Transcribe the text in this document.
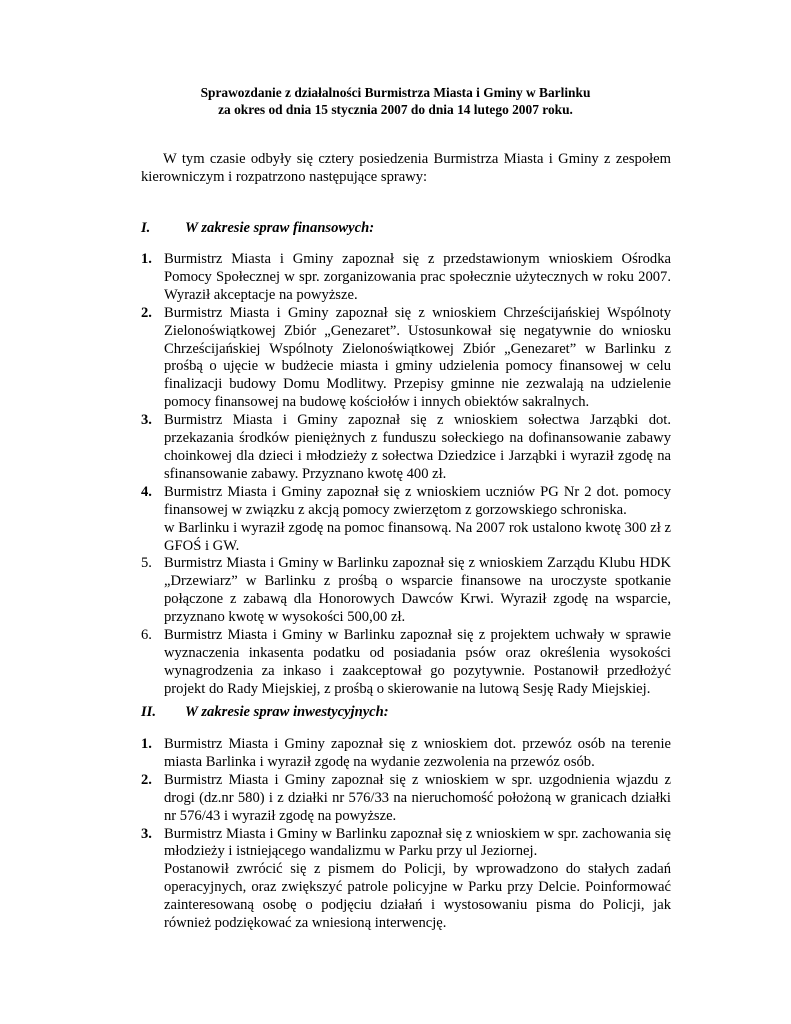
Sprawozdanie z działalności Burmistrza Miasta i Gminy w Barlinku
za okres od dnia 15 stycznia 2007 do dnia 14 lutego 2007 roku.
W tym czasie odbyły się cztery posiedzenia Burmistrza Miasta i Gminy z zespołem kierowniczym i rozpatrzono następujące sprawy:
I. W zakresie spraw finansowych:
1. Burmistrz Miasta i Gminy zapoznał się z przedstawionym wnioskiem Ośrodka Pomocy Społecznej w spr. zorganizowania prac społecznie użytecznych w roku 2007. Wyraził akceptacje na powyższe.

2. Burmistrz Miasta i Gminy zapoznał się z wnioskiem Chrześcijańskiej Wspólnoty Zielonoświątkowej Zbiór „Genezaret”. Ustosunkował się negatywnie do wniosku Chrześcijańskiej Wspólnoty Zielonoświątkowej Zbiór „Genezaret” w Barlinku z prośbą o ujęcie w budżecie miasta i gminy udzielenia pomocy finansowej w celu finalizacji budowy Domu Modlitwy. Przepisy gminne nie zezwalają na udzielenie pomocy finansowej na budowę kościołów i innych obiektów sakralnych.

3. Burmistrz Miasta i Gminy zapoznał się z wnioskiem sołectwa Jarząbki dot. przekazania środków pieniężnych z funduszu sołeckiego na dofinansowanie zabawy choinkowej dla dzieci i młodzieży z sołectwa Dziedzice i Jarząbki i wyraził zgodę na sfinansowanie zabawy. Przyznano kwotę 400 zł.

4. Burmistrz Miasta i Gminy zapoznał się z wnioskiem uczniów PG Nr 2 dot. pomocy finansowej w związku z akcją pomocy zwierzętom z gorzowskiego schroniska.

w Barlinku i wyraził zgodę na pomoc finansową. Na 2007 rok ustalono kwotę 300 zł z GFOŚ i GW.

5. Burmistrz Miasta i Gminy w Barlinku zapoznał się z wnioskiem Zarządu Klubu HDK „Drzewiarz” w Barlinku z prośbą o wsparcie finansowe na uroczyste spotkanie połączone z zabawą dla Honorowych Dawców Krwi. Wyraził zgodę na wsparcie, przyznano kwotę w wysokości 500,00 zł.

6. Burmistrz Miasta i Gminy w Barlinku zapoznał się z projektem uchwały w sprawie wyznaczenia inkasenta podatku od posiadania psów oraz określenia wysokości wynagrodzenia za inkaso i zaakceptował go pozytywnie. Postanowił przedłożyć projekt do Rady Miejskiej, z prośbą o skierowanie na lutową Sesję Rady Miejskiej.

II. W zakresie spraw inwestycyjnych:
1. Burmistrz Miasta i Gminy zapoznał się z wnioskiem dot. przewóz osób na terenie miasta Barlinka i wyraził zgodę na wydanie zezwolenia na przewóz osób.

2. Burmistrz Miasta i Gminy zapoznał się z wnioskiem w spr. uzgodnienia wjazdu z drogi (dz.nr 580) i z działki nr 576/33 na nieruchomość położoną w granicach działki nr 576/43 i wyraził zgodę na powyższe.

3. Burmistrz Miasta i Gminy w Barlinku zapoznał się z wnioskiem w spr. zachowania się młodzieży i istniejącego wandalizmu w Parku przy ul Jeziornej.

Postanowił zwrócić się z pismem do Policji, by wprowadzono do stałych zadań operacyjnych, oraz zwiększyć patrole policyjne w Parku przy Delcie. Poinformować zainteresowaną osobę o podjęciu działań i wystosowaniu pisma do Policji, jak również podziękować za wniesioną interwencję.
